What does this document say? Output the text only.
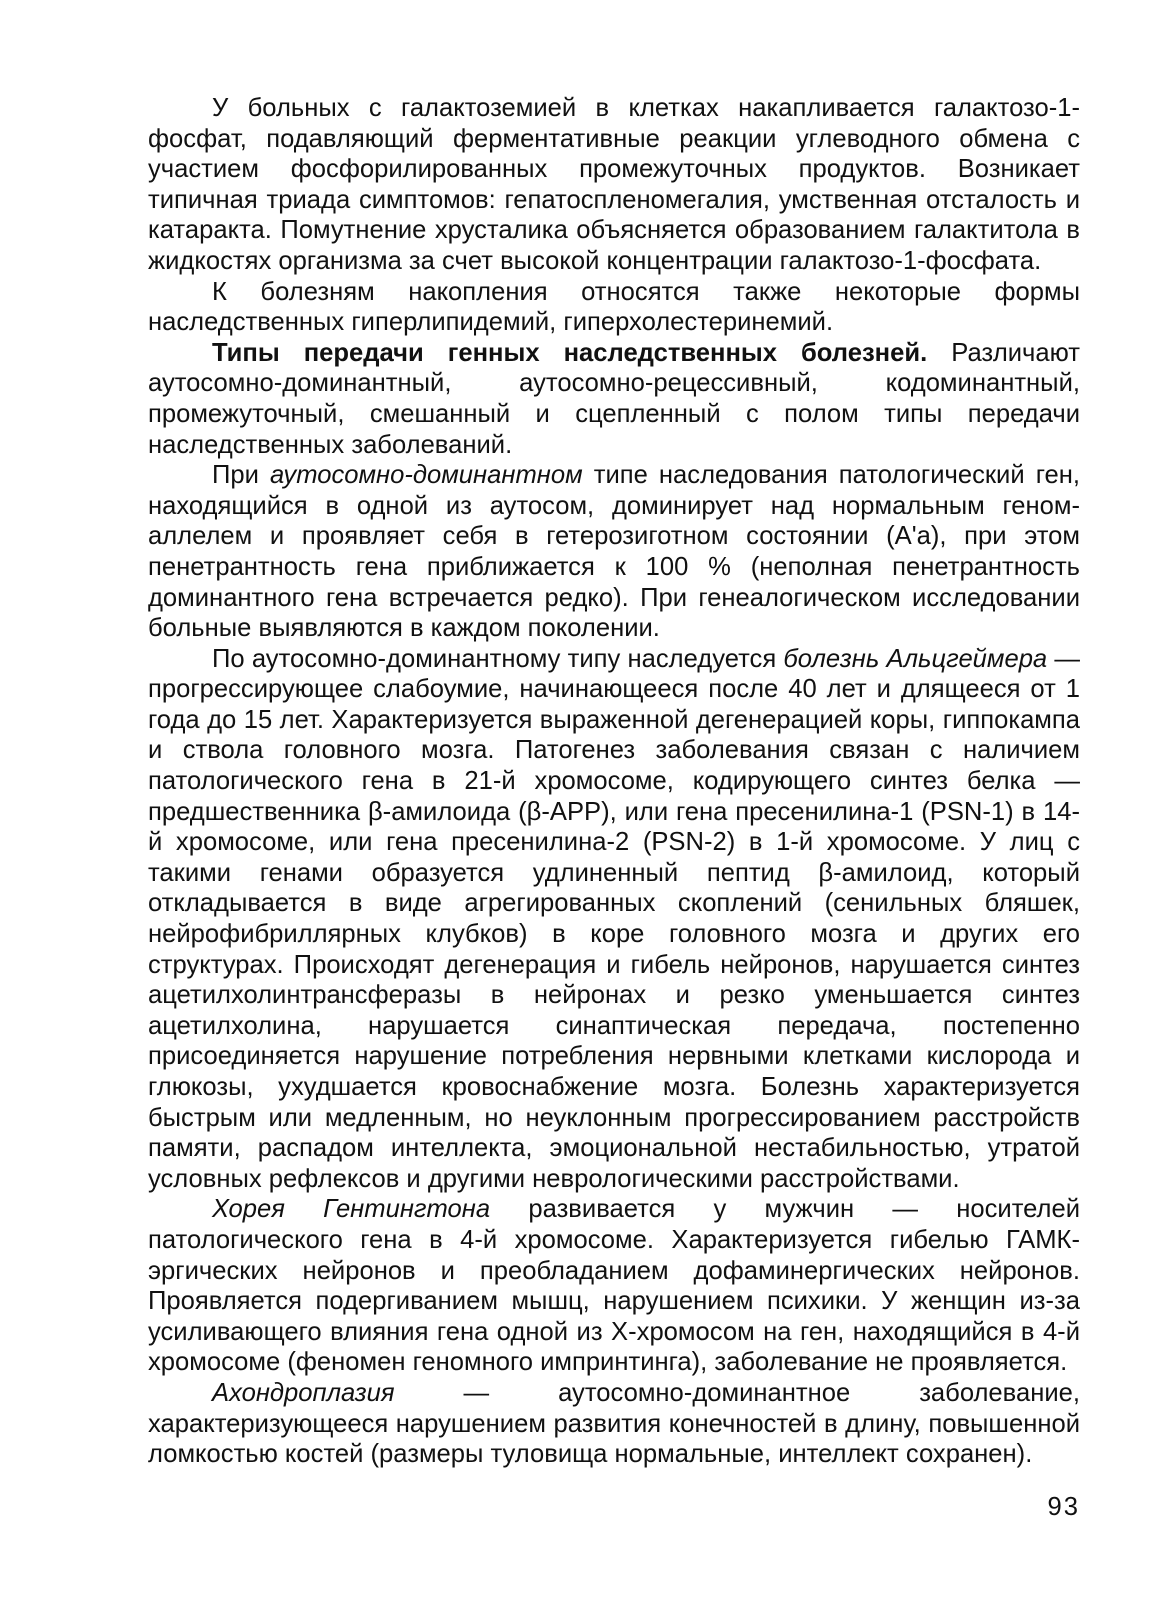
У больных с галактоземией в клетках накапливается галактозо-1-фосфат, подавляющий ферментативные реакции углеводного обмена с участием фосфорилированных промежуточных продуктов. Возникает типичная триада симптомов: гепатоспленомегалия, умственная отсталость и катаракта. Помутнение хрусталика объясняется образованием галактитола в жидкостях организма за счет высокой концентрации галактозо-1-фосфата.

К болезням накопления относятся также некоторые формы наследственных гиперлипидемий, гиперхолестеринемий.

Типы передачи генных наследственных болезней. Различают аутосомно-доминантный, аутосомно-рецессивный, кодоминантный, промежуточный, смешанный и сцепленный с полом типы передачи наследственных заболеваний.

При аутосомно-доминантном типе наследования патологический ген, находящийся в одной из аутосом, доминирует над нормальным геном-аллелем и проявляет себя в гетерозиготном состоянии (А'а), при этом пенетрантность гена приближается к 100 % (неполная пенетрантность доминантного гена встречается редко). При генеалогическом исследовании больные выявляются в каждом поколении.

По аутосомно-доминантному типу наследуется болезнь Альцгеймера — прогрессирующее слабоумие, начинающееся после 40 лет и длящееся от 1 года до 15 лет. Характеризуется выраженной дегенерацией коры, гиппокампа и ствола головного мозга. Патогенез заболевания связан с наличием патологического гена в 21-й хромосоме, кодирующего синтез белка — предшественника β-амилоида (β-APP), или гена пресенилина-1 (PSN-1) в 14-й хромосоме, или гена пресенилина-2 (PSN-2) в 1-й хромосоме. У лиц с такими генами образуется удлиненный пептид β-амилоид, который откладывается в виде агрегированных скоплений (сенильных бляшек, нейрофибриллярных клубков) в коре головного мозга и других его структурах. Происходят дегенерация и гибель нейронов, нарушается синтез ацетилхолинтрансферазы в нейронах и резко уменьшается синтез ацетилхолина, нарушается синаптическая передача, постепенно присоединяется нарушение потребления нервными клетками кислорода и глюкозы, ухудшается кровоснабжение мозга. Болезнь характеризуется быстрым или медленным, но неуклонным прогрессированием расстройств памяти, распадом интеллекта, эмоциональной нестабильностью, утратой условных рефлексов и другими неврологическими расстройствами.

Хорея Гентингтона развивается у мужчин — носителей патологического гена в 4-й хромосоме. Характеризуется гибелью ГАМК-эргических нейронов и преобладанием дофаминергических нейронов. Проявляется подергиванием мышц, нарушением психики. У женщин из-за усиливающего влияния гена одной из Х-хромосом на ген, находящийся в 4-й хромосоме (феномен геномного импринтинга), заболевание не проявляется.

Ахондроплазия — аутосомно-доминантное заболевание, характеризующееся нарушением развития конечностей в длину, повышенной ломкостью костей (размеры туловища нормальные, интеллект сохранен).

93
